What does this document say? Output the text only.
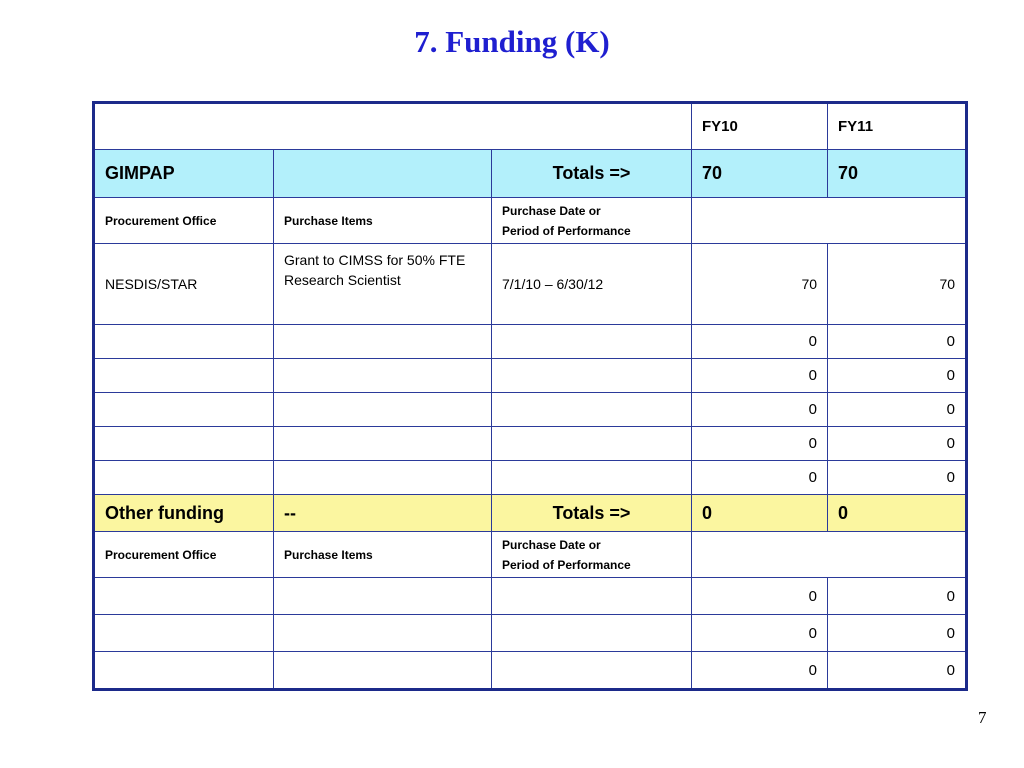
7. Funding (K)
			FY10	FY11
GIMPAP		Totals =>	70	70
Procurement Office	Purchase Items	Purchase Date or
Period of Performance		

NESDIS/STAR	Grant to CIMSS for 50% FTE Research Scientist	7/1/10 – 6/30/12	70	70
			0	0
			0	0
			0	0
			0	0
			0	0
Other funding	--	Totals =>	0	0
Procurement Office	Purchase Items	Purchase Date or
Period of Performance		

			0	0
			0	0
			0	0
7
